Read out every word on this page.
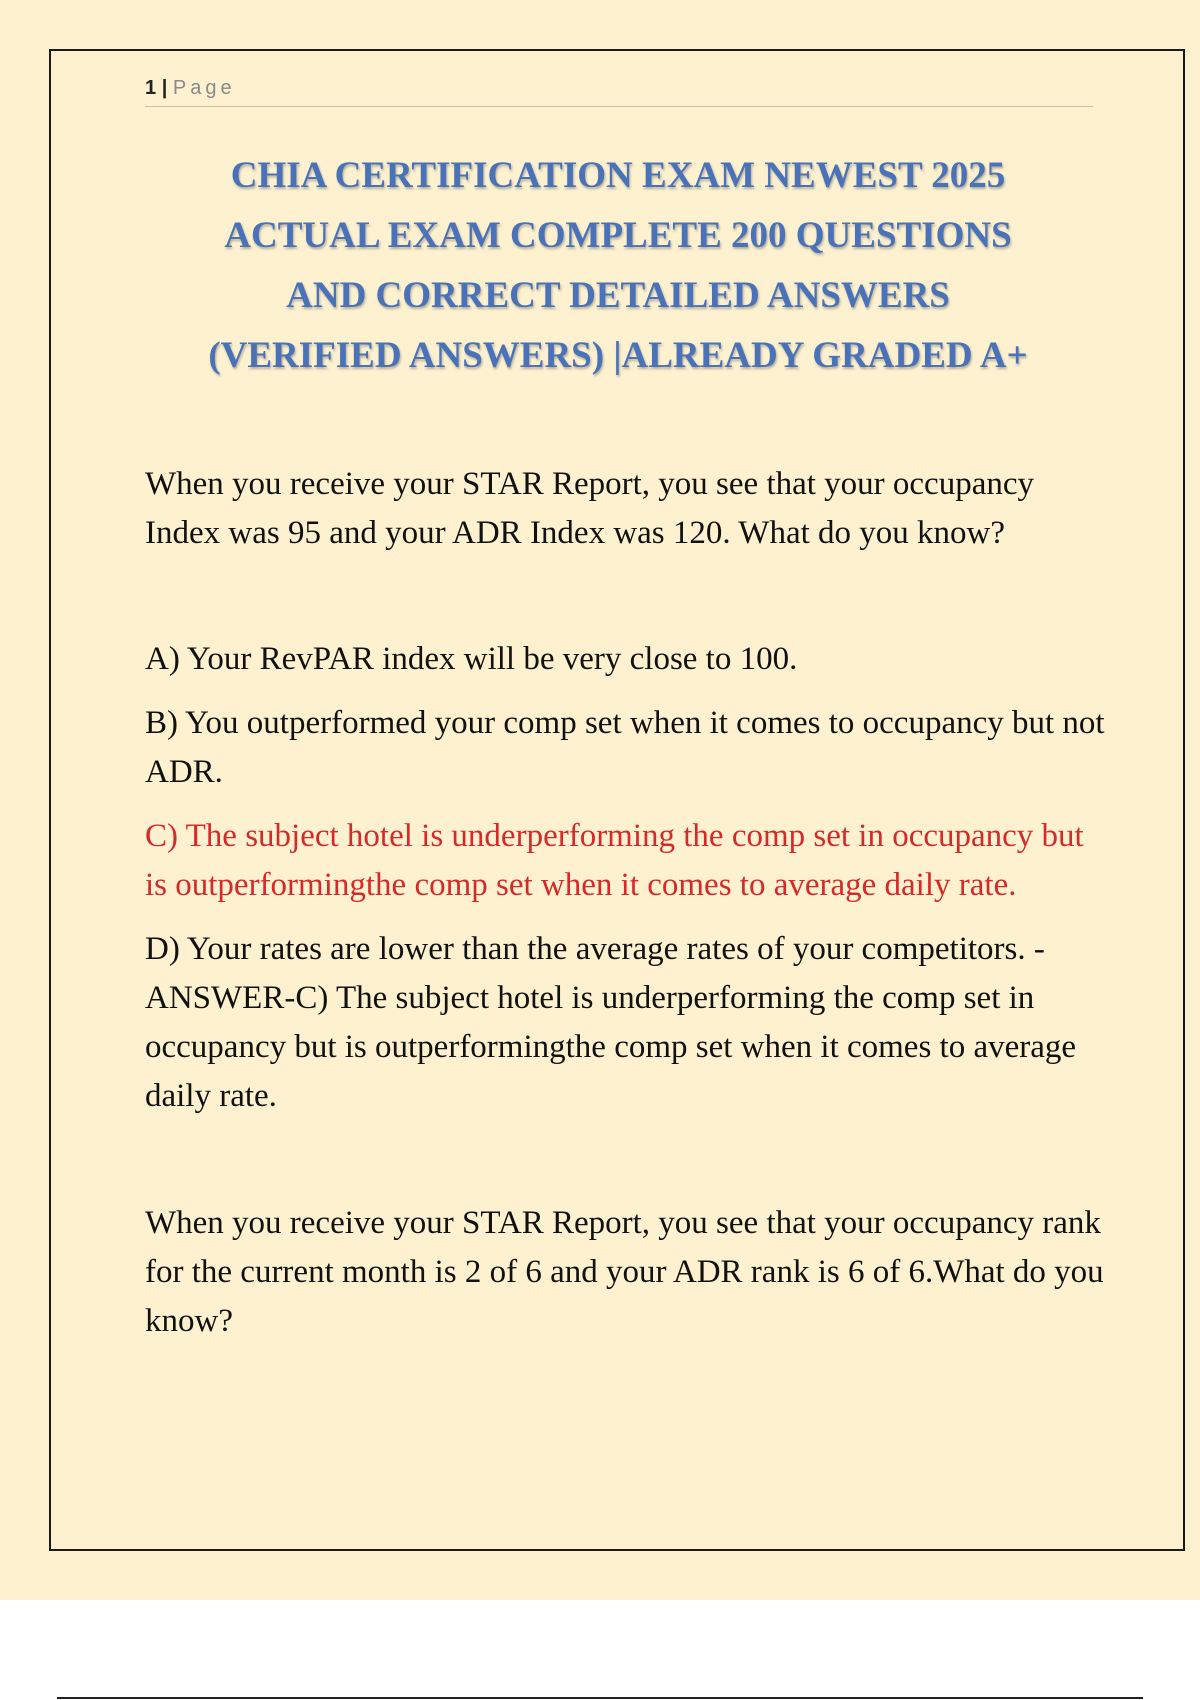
1 | Page
CHIA CERTIFICATION EXAM NEWEST 2025
ACTUAL EXAM COMPLETE 200 QUESTIONS
AND CORRECT DETAILED ANSWERS
(VERIFIED ANSWERS) |ALREADY GRADED A+

When you receive your STAR Report, you see that your occupancy Index was 95 and your ADR Index was 120. What do you know?

A) Your RevPAR index will be very close to 100.

B) You outperformed your comp set when it comes to occupancy but not ADR.

C) The subject hotel is underperforming the comp set in occupancy but is outperformingthe comp set when it comes to average daily rate.

D) Your rates are lower than the average rates of your competitors. - ANSWER-C) The subject hotel is underperforming the comp set in occupancy but is outperformingthe comp set when it comes to average daily rate.

When you receive your STAR Report, you see that your occupancy rank for the current month is 2 of 6 and your ADR rank is 6 of 6.What do you know?
